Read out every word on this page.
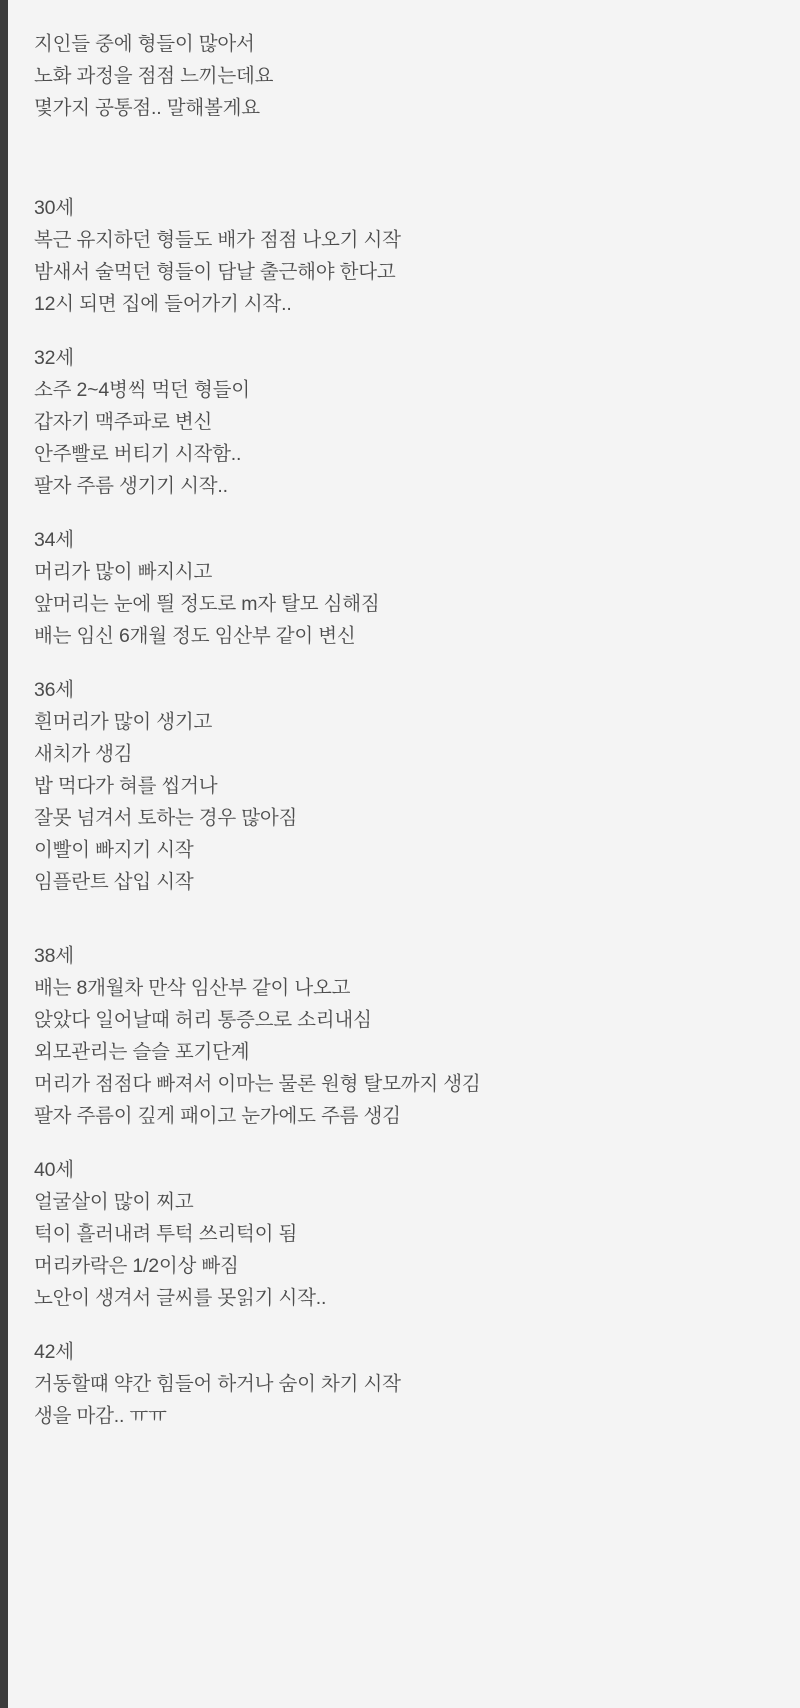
지인들 중에 형들이 많아서
노화 과정을 점점 느끼는데요
몇가지 공통점.. 말해볼게요
30세
복근 유지하던 형들도 배가 점점 나오기 시작
밤새서 술먹던 형들이 담날 출근해야 한다고
12시 되면 집에 들어가기 시작..
32세
소주 2~4병씩 먹던 형들이
갑자기 맥주파로 변신
안주빨로 버티기 시작함..
팔자 주름 생기기 시작..
34세
머리가 많이 빠지시고
앞머리는 눈에 띌 정도로 m자 탈모 심해짐
배는 임신 6개월 정도 임산부 같이 변신
36세
흰머리가 많이 생기고
새치가 생김
밥 먹다가 혀를 씹거나
잘못 넘겨서 토하는 경우 많아짐
이빨이 빠지기 시작
임플란트 삽입 시작
38세
배는 8개월차 만삭 임산부 같이 나오고
앉았다 일어날때 허리 통증으로 소리내심
외모관리는 슬슬 포기단계
머리가 점점다 빠져서 이마는 물론 원형 탈모까지 생김
팔자 주름이 깊게 패이고 눈가에도 주름 생김
40세
얼굴살이 많이 찌고
턱이 흘러내려 투턱 쓰리턱이 됨
머리카락은 1/2이상 빠짐
노안이 생겨서 글씨를 못읽기 시작..
42세
거동할떄 약간 힘들어 하거나 숨이 차기 시작
생을 마감.. ㅠㅠ
